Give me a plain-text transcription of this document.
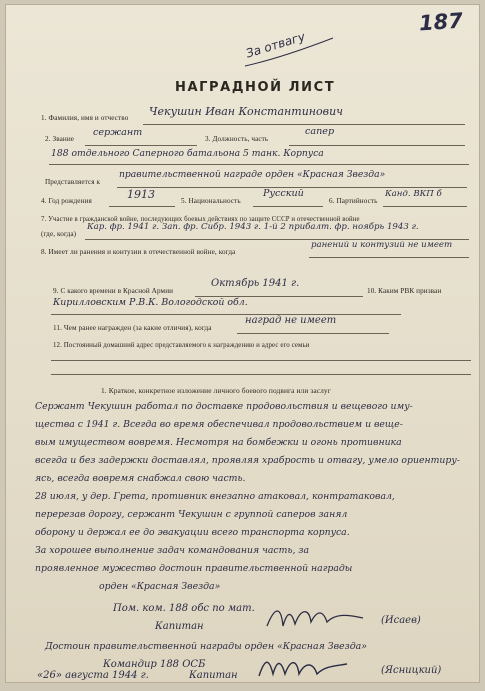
187
За отвагу
НАГРАДНОЙ ЛИСТ
1. Фамилия, имя и отчество Чекушин Иван Константинович
2. Звание
сержант
3. Должность, часть
сапер
188 отдельного Саперного батальона 5 танк. Корпуса
Представляется к
правительственной награде орден «Красная Звезда»
4. Год рождения	1913	5. Национальность
Русский
6. Партийность
Канд. ВКП б
7. Участие в гражданской войне, последующих боевых действиях по защите СССР и отечественной войне
(где, когда)
Кар. фр. 1941 г. Зап. фр. Сибр. 1943 г. 1-й 2 прибалт. фр. ноябрь 1943 г.
8. Имеет ли ранения и контузии в отечественной войне, когда
ранений и контузий не имеет
9. С какого времени в Красной Армии
Октябрь 1941 г.
10. Каким РВК призван
Кирилловским Р.В.К. Вологодской обл.
11. Чем ранее награжден (за какие отличия), когда
наград не имеет
12. Постоянный домашний адрес представляемого к награждению и адрес его семьи
1. Краткое, конкретное изложение личного боевого подвига или заслуг
Сержант Чекушин работал по доставке продовольствия и вещевого иму-
щества с 1941 г. Всегда во время обеспечивал продовольствием и веще-
вым имуществом вовремя. Несмотря на бомбежки и огонь противника
всегда и без задержки доставлял, проявляя храбрость и отвагу, умело ориентиру-
ясь, всегда вовремя снабжал свою часть.
28 июля, у дер. Грета, противник внезапно атаковал, контратаковал,
перерезав дорогу, сержант Чекушин с группой саперов занял
оборону и держал ее до эвакуации всего транспорта корпуса.
За хорошее выполнение задач командования часть, за
проявленное мужество достоин правительственной награды
орден «Красная Звезда»
Пом. ком. 188 обс по мат.
Капитан
(Исаев)
Достоин правительственной награды орден «Красная Звезда»
Командир 188 ОСБ
«26» августа 1944 г.	Капитан	(Ясницкий)
